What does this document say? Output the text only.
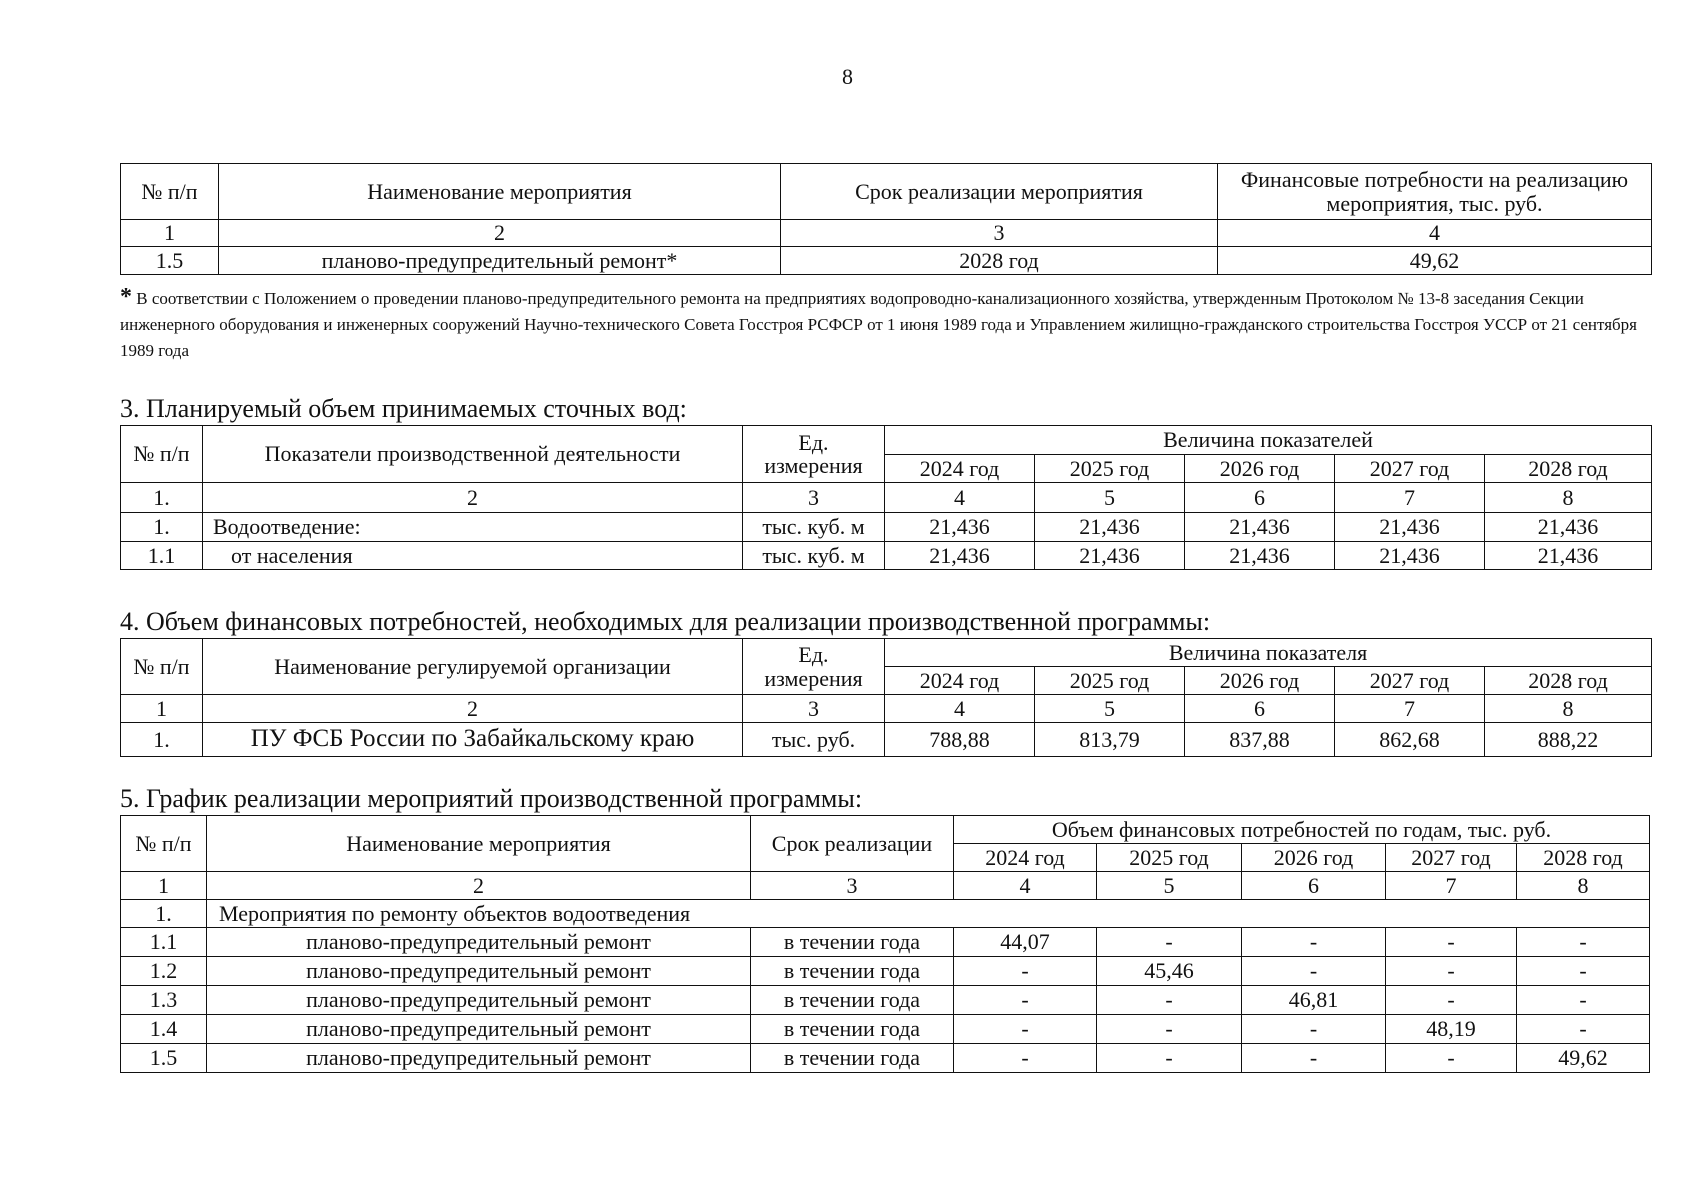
8
№ п/п	Наименование мероприятия	Срок реализации мероприятия	Финансовые потребности на реализацию мероприятия, тыс. руб.
1	2	3	4
1.5	планово-предупредительный ремонт*	2028 год	49,62
* В соответствии с Положением о проведении планово-предупредительного ремонта на предприятиях водопроводно-канализационного хозяйства, утвержденным Протоколом № 13-8 заседания Секции инженерного оборудования и инженерных сооружений Научно-технического Совета Госстроя РСФСР от 1 июня 1989 года и Управлением жилищно-гражданского строительства Госстроя УССР от 21 сентября 1989 года
3. Планируемый объем принимаемых сточных вод:
№ п/п	Показатели производственной деятельности	Ед. измерения	Величина показателей				
			2024 год	2025 год	2026 год	2027 год	2028 год
1.	2	3	4	5	6	7	8
1.	Водоотведение:	тыс. куб. м	21,436	21,436	21,436	21,436	21,436
1.1	от населения	тыс. куб. м	21,436	21,436	21,436	21,436	21,436
4. Объем финансовых потребностей, необходимых для реализации производственной программы:
№ п/п	Наименование регулируемой организации	Ед. измерения	Величина показателя				
			2024 год	2025 год	2026 год	2027 год	2028 год
1	2	3	4	5	6	7	8
1.	ПУ ФСБ России по Забайкальскому краю	тыс. руб.	788,88	813,79	837,88	862,68	888,22
5. График реализации мероприятий производственной программы:
№ п/п	Наименование мероприятия	Срок реализации	Объем финансовых потребностей по годам, тыс. руб.				
			2024 год	2025 год	2026 год	2027 год	2028 год
1	2	3	4	5	6	7	8
1.	Мероприятия по ремонту объектов водоотведения						
1.1	планово-предупредительный ремонт	в течении года	44,07	-	-	-	-
1.2	планово-предупредительный ремонт	в течении года	-	45,46	-	-	-
1.3	планово-предупредительный ремонт	в течении года	-	-	46,81	-	-
1.4	планово-предупредительный ремонт	в течении года	-	-	-	48,19	-
1.5	планово-предупредительный ремонт	в течении года	-	-	-	-	49,62
